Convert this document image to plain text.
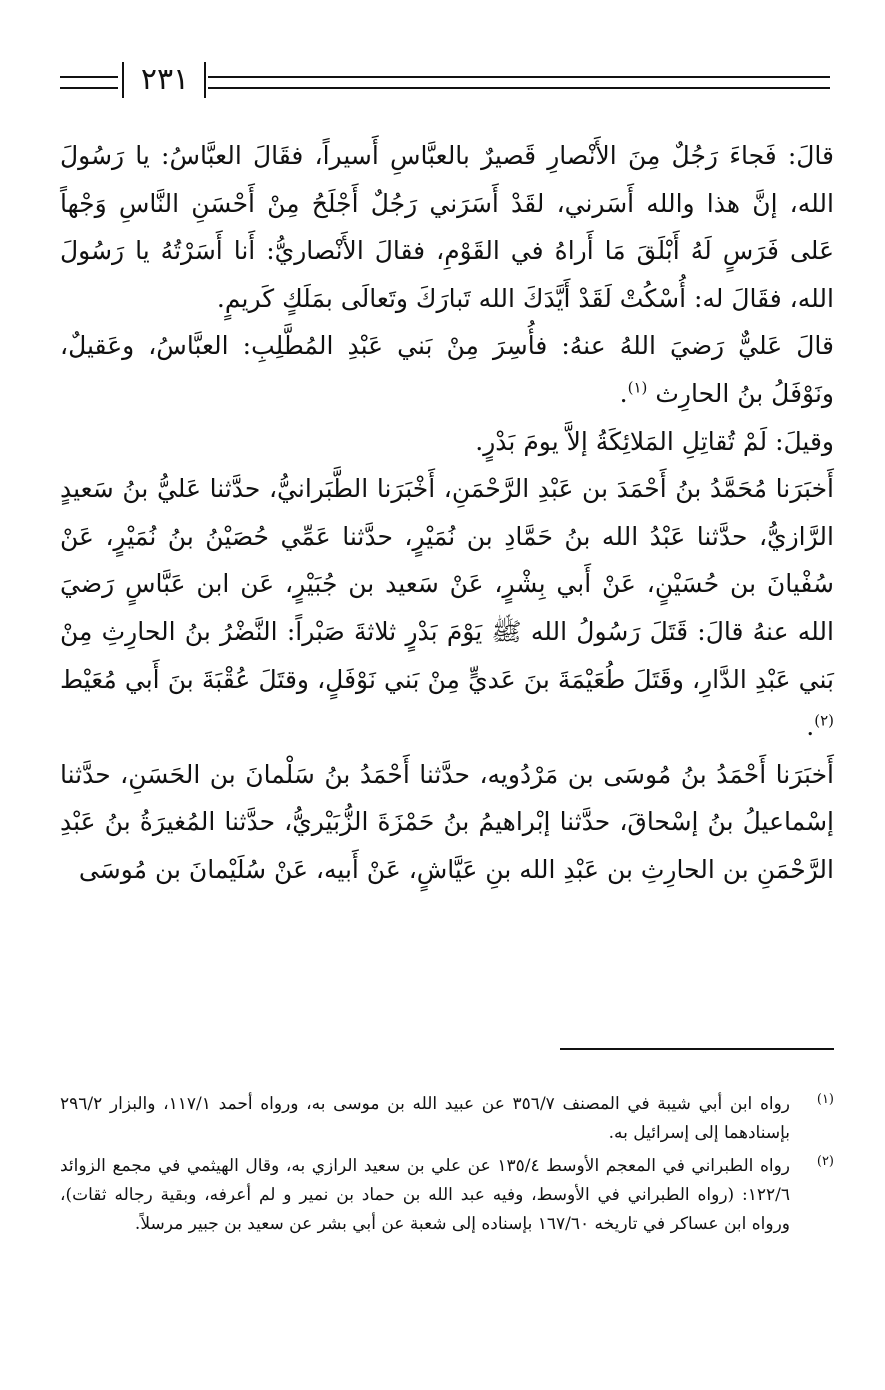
٢٣١

قالَ: فَجاءَ رَجُلٌ مِنَ الأَنْصارِ قَصيرٌ بالعبَّاسِ أَسيراً، فقَالَ العبَّاسُ: يا رَسُولَ الله، إنَّ هذا والله أَسَرني، لقَدْ أَسَرَني رَجُلٌ أَجْلَحُ مِنْ أَحْسَنِ النَّاسِ وَجْهاً عَلى فَرَسٍ لَهُ أَبْلَقَ مَا أَراهُ في القَوْمِ، فقالَ الأَنْصاريُّ: أَنا أَسَرْتُهُ يا رَسُولَ الله، فقَالَ له: أُسْكُتْ لَقَدْ أَيَّدَكَ الله تَبارَكَ وتَعالَى بمَلَكٍ كَريمٍ.

قالَ عَليٌّ رَضيَ اللهُ عنهُ: فأُسِرَ مِنْ بَني عَبْدِ المُطَّلِبِ: العبَّاسُ، وعَقيلٌ، ونَوْفَلُ بنُ الحارِث $^{(١)}$.

وقيلَ: لَمْ تُقاتِلِ المَلائِكَةُ إلاَّ يومَ بَدْرٍ.

أَخبَرَنا مُحَمَّدُ بنُ أَحْمَدَ بن عَبْدِ الرَّحْمَنِ، أَخْبَرَنا الطَّبَرانيُّ، حدَّثنا عَليُّ بنُ سَعيدٍ الرَّازيُّ، حدَّثنا عَبْدُ الله بنُ حَمَّادِ بن نُمَيْرٍ، حدَّثنا عَمِّي حُصَيْنُ بنُ نُمَيْرٍ، عَنْ سُفْيانَ بن حُسَيْنٍ، عَنْ أَبي بِشْرٍ، عَنْ سَعيد بن جُبَيْرٍ، عَن ابن عَبَّاسٍ رَضيَ الله عنهُ قالَ: قَتَلَ رَسُولُ الله ﷺ يَوْمَ بَدْرٍ ثلاثةَ صَبْراً: النَّضْرُ بنُ الحارِثِ مِنْ بَني عَبْدِ الدَّارِ، وقَتَلَ طُعَيْمَةَ بنَ عَديٍّ مِنْ بَني نَوْفَلٍ، وقتَلَ عُقْبَةَ بنَ أَبي مُعَيْط $^{(٢)}$.

أَخبَرَنا أَحْمَدُ بنُ مُوسَى بن مَرْدُويه، حدَّثنا أَحْمَدُ بنُ سَلْمانَ بن الحَسَنِ، حدَّثنا إسْماعيلُ بنُ إسْحاقَ، حدَّثنا إبْراهيمُ بنُ حَمْزَةَ الزُّبَيْريُّ، حدَّثنا المُغيرَةُ بنُ عَبْدِ الرَّحْمَنِ بن الحارِثِ بن عَبْدِ الله بنِ عَيَّاشٍ، عَنْ أَبيه، عَنْ سُلَيْمانَ بن مُوسَى

(١)
رواه ابن أبي شيبة في المصنف ٣٥٦/٧ عن عبيد الله بن موسى به، ورواه أحمد ١١٧/١، والبزار ٢٩٦/٢ بإسنادهما إلى إسرائيل به.

(٢)
رواه الطبراني في المعجم الأوسط ١٣٥/٤ عن علي بن سعيد الرازي به، وقال الهيثمي في مجمع الزوائد ١٢٢/٦: (رواه الطبراني في الأوسط، وفيه عبد الله بن حماد بن نمير و لم أعرفه، وبقية رجاله ثقات)، ورواه ابن عساكر في تاريخه ١٦٧/٦٠ بإسناده إلى شعبة عن أبي بشر عن سعيد بن جبير مرسلاً.
